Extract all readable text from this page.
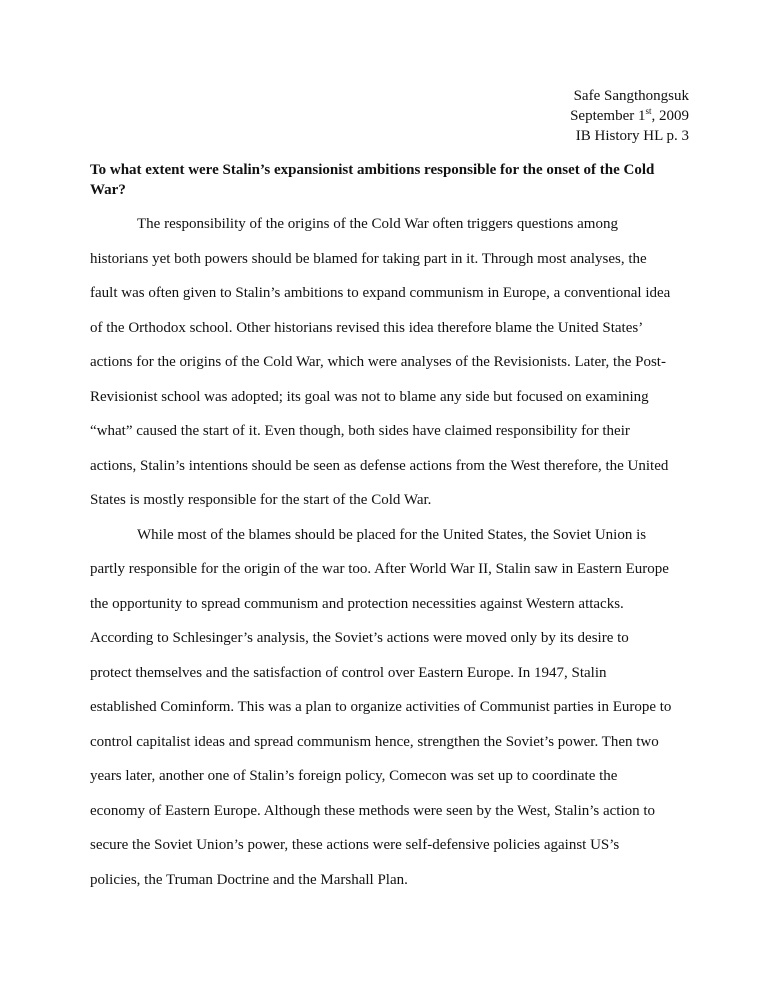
Safe Sangthongsuk
September 1st, 2009
IB History HL p. 3
To what extent were Stalin’s expansionist ambitions responsible for the onset of the Cold
War?

The responsibility of the origins of the Cold War often triggers questions among
historians yet both powers should be blamed for taking part in it. Through most analyses, the
fault was often given to Stalin’s ambitions to expand communism in Europe, a conventional idea
of the Orthodox school. Other historians revised this idea therefore blame the United States’
actions for the origins of the Cold War, which were analyses of the Revisionists. Later, the Post-
Revisionist school was adopted; its goal was not to blame any side but focused on examining
“what” caused the start of it. Even though, both sides have claimed responsibility for their
actions, Stalin’s intentions should be seen as defense actions from the West therefore, the United
States is mostly responsible for the start of the Cold War.

While most of the blames should be placed for the United States, the Soviet Union is
partly responsible for the origin of the war too. After World War II, Stalin saw in Eastern Europe
the opportunity to spread communism and protection necessities against Western attacks.
According to Schlesinger’s analysis, the Soviet’s actions were moved only by its desire to
protect themselves and the satisfaction of control over Eastern Europe. In 1947, Stalin
established Cominform. This was a plan to organize activities of Communist parties in Europe to
control capitalist ideas and spread communism hence, strengthen the Soviet’s power. Then two
years later, another one of Stalin’s foreign policy, Comecon was set up to coordinate the
economy of Eastern Europe. Although these methods were seen by the West, Stalin’s action to
secure the Soviet Union’s power, these actions were self-defensive policies against US’s
policies, the Truman Doctrine and the Marshall Plan.
